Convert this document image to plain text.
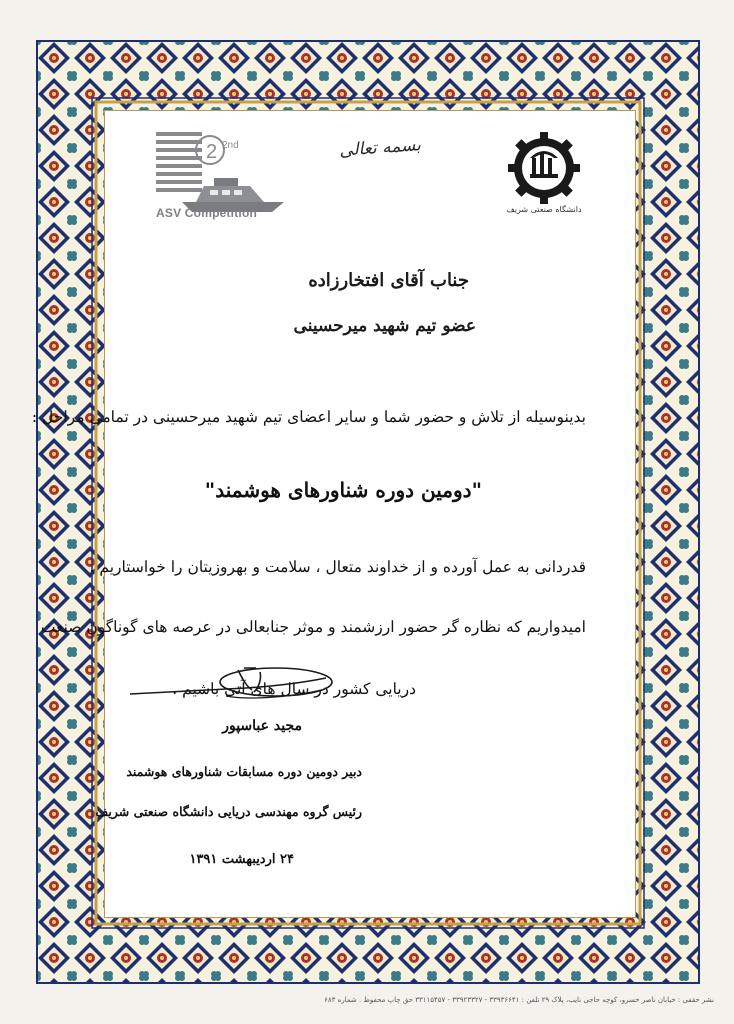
2 2nd
ASV Competition
بسمه تعالی
دانشگاه صنعتی شریف
جناب آقای افتخارزاده
عضو تیم شهید میرحسینی
بدینوسیله از تلاش و حضور شما و سایر اعضای تیم شهید میرحسینی در تمامی مراحل :
"دومین دوره شناورهای هوشمند"
قدردانی به عمل آورده و از خداوند متعال ، سلامت و بهروزیتان را خواستاریم .
امیدواریم که نظاره گر حضور ارزشمند و موثر جنابعالی در عرصه های گوناگون صنعت
دریایی کشور در سال های آتی باشیم .
مجید عباسپور
دبیر دومین دوره مسابقات شناورهای هوشمند
رئیس گروه مهندسی دریایی دانشگاه صنعتی شریف
۲۴ اردیبهشت ۱۳۹۱
نشر حقفی : خیابان ناصر خسرو، کوچه حاجی نایب، پلاک ۲۹ تلفن : ۳۳۹۳۶۶۴۱ - ۳۳۹۲۳۳۲۷ - ۳۳۱۱۵۴۵۷ حق چاپ محفوظ . شماره ۶۸۳
